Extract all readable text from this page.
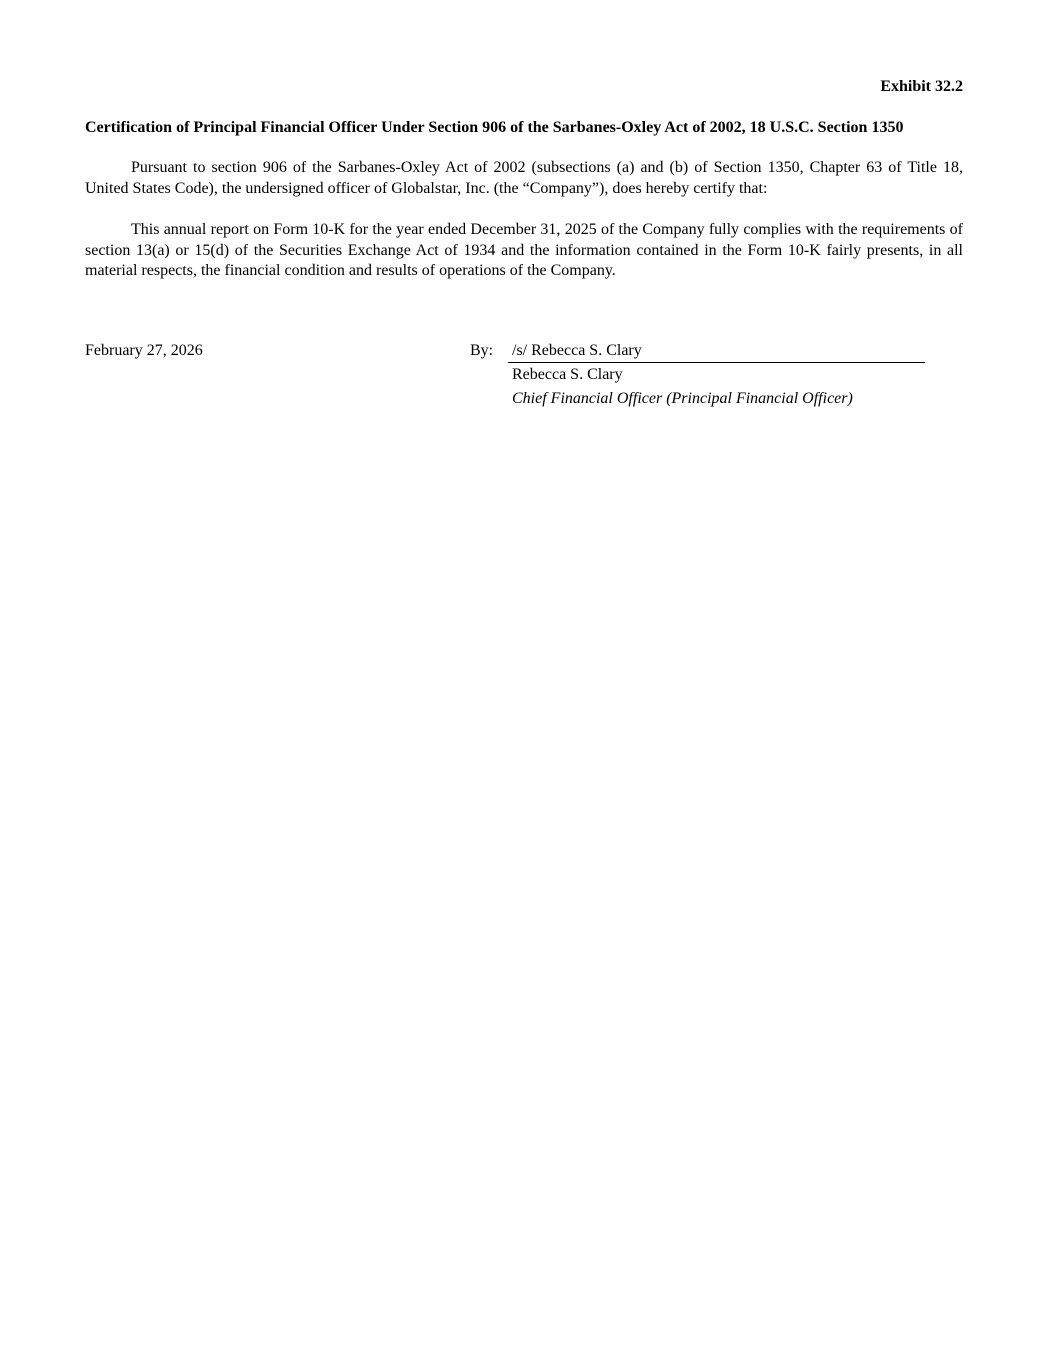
Exhibit 32.2
Certification of Principal Financial Officer Under Section 906 of the Sarbanes-Oxley Act of 2002, 18 U.S.C. Section 1350

Pursuant to section 906 of the Sarbanes-Oxley Act of 2002 (subsections (a) and (b) of Section 1350, Chapter 63 of Title 18, United States Code), the undersigned officer of Globalstar, Inc. (the “Company”), does hereby certify that:

This annual report on Form 10-K for the year ended December 31, 2025 of the Company fully complies with the requirements of section 13(a) or 15(d) of the Securities Exchange Act of 1934 and the information contained in the Form 10-K fairly presents, in all material respects, the financial condition and results of operations of the Company.

February 27, 2026	By: /s/ Rebecca S. Clary
Rebecca S. Clary
Chief Financial Officer (Principal Financial Officer)
